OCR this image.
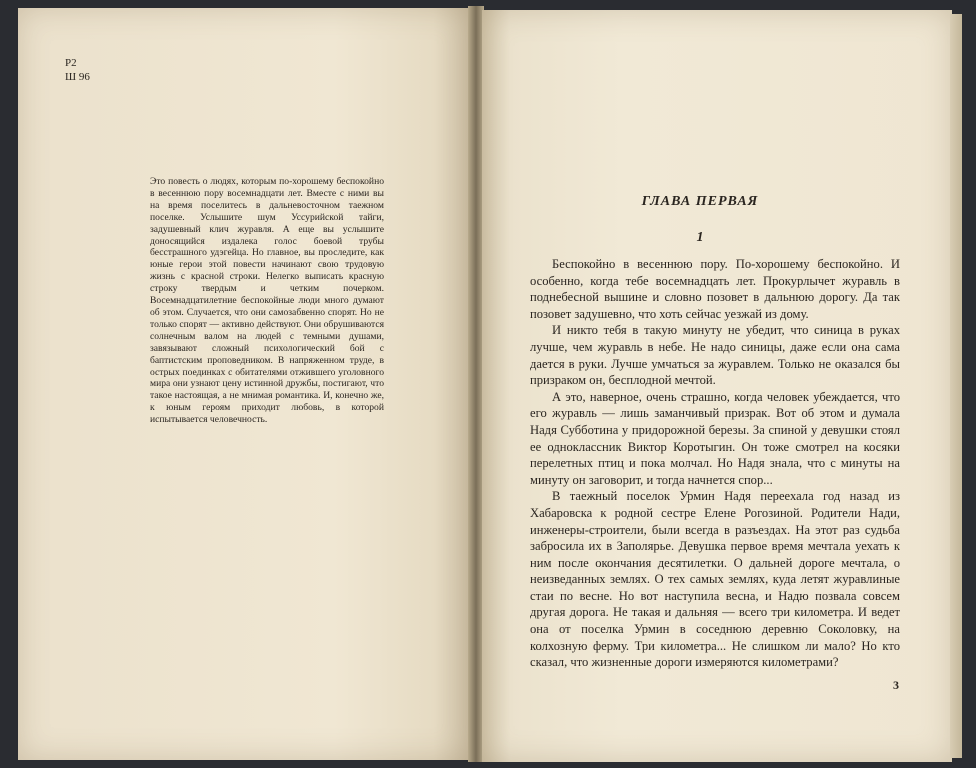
Р2
Ш 96
Это повесть о людях, которым по-хорошему беспокойно в весеннюю пору восемнадцати лет. Вместе с ними вы на время поселитесь в дальневосточном таежном поселке. Услышите шум Уссурийской тайги, задушевный клич журавля. А еще вы услышите доносящийся издалека голос боевой трубы бесстрашного удэгейца. Но главное, вы проследите, как юные герои этой повести начинают свою трудовую жизнь с красной строки. Нелегко выписать красную строку твердым и четким почерком. Восемнадцатилетние беспокойные люди много думают об этом. Случается, что они самозабвенно спорят. Но не только спорят — активно действуют. Они обрушиваются солнечным валом на людей с темными душами, завязывают сложный психологический бой с баптистским проповедником. В напряженном труде, в острых поединках с обитателями отжившего уголовного мира они узнают цену истинной дружбы, постигают, что такое настоящая, а не мнимая романтика. И, конечно же, к юным героям приходит любовь, в которой испытывается человечность.
ГЛАВА ПЕРВАЯ
1

Беспокойно в весеннюю пору. По-хорошему беспокойно. И особенно, когда тебе восемнадцать лет. Прокурлычет журавль в поднебесной вышине и словно позовет в дальнюю дорогу. Да так позовет задушевно, что хоть сейчас уезжай из дому.

И никто тебя в такую минуту не убедит, что синица в руках лучше, чем журавль в небе. Не надо синицы, даже если она сама дается в руки. Лучше умчаться за журавлем. Только не оказался бы призраком он, бесплодной мечтой.

А это, наверное, очень страшно, когда человек убеждается, что его журавль — лишь заманчивый призрак. Вот об этом и думала Надя Субботина у придорожной березы. За спиной у девушки стоял ее одноклассник Виктор Коротыгин. Он тоже смотрел на косяки перелетных птиц и пока молчал. Но Надя знала, что с минуты на минуту он заговорит, и тогда начнется спор...

В таежный поселок Урмин Надя переехала год назад из Хабаровска к родной сестре Елене Рогозиной. Родители Нади, инженеры-строители, были всегда в разъездах. На этот раз судьба забросила их в Заполярье. Девушка первое время мечтала уехать к ним после окончания десятилетки. О дальней дороге мечтала, о неизведанных землях. О тех самых землях, куда летят журавлиные стаи по весне. Но вот наступила весна, и Надю позвала совсем другая дорога. Не такая и дальняя — всего три километра. И ведет она от поселка Урмин в соседнюю деревню Соколовку, на колхозную ферму. Три километра... Не слишком ли мало? Но кто сказал, что жизненные дороги измеряются километрами?

3
